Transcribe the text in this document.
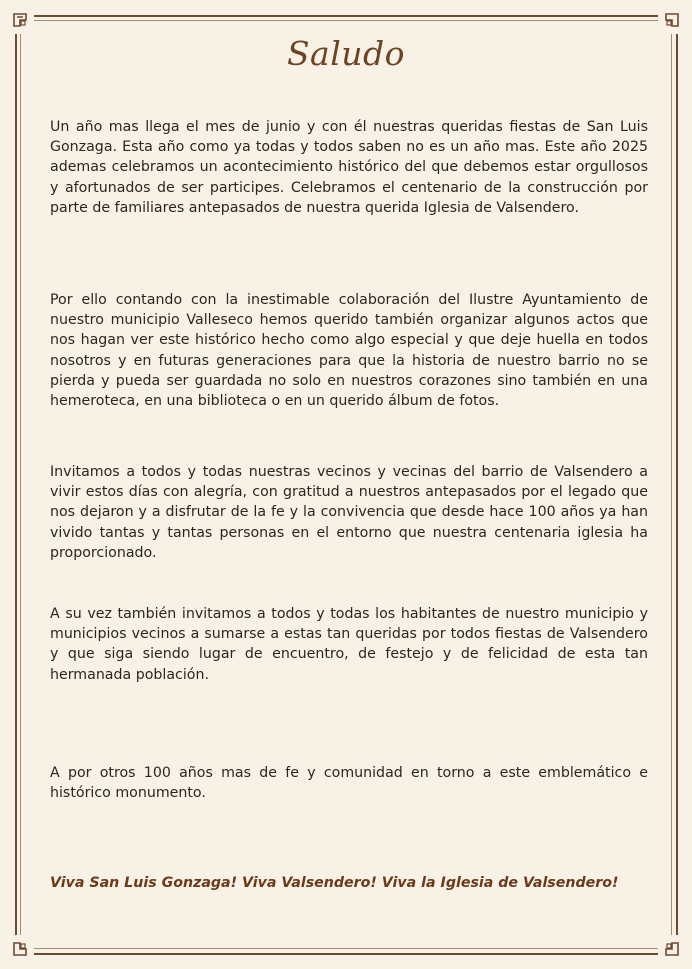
Saludo

Un año mas llega el mes de junio y con él nuestras queridas fiestas de San Luis Gonzaga. Esta año como ya todas y todos saben no es un año mas. Este año 2025 ademas celebramos un acontecimiento histórico del que debemos estar orgullosos y afortunados de ser participes. Celebramos el centenario de la construcción por parte de familiares antepasados de nuestra querida Iglesia de Valsendero.

Por ello contando con la inestimable colaboración del Ilustre Ayuntamiento de nuestro municipio Valleseco hemos querido también organizar algunos actos que nos hagan ver este histórico hecho como algo especial y que deje huella en todos nosotros y en futuras generaciones para que la historia de nuestro barrio no se pierda y pueda ser guardada no solo en nuestros corazones sino también en una hemeroteca, en una biblioteca o en un querido álbum de fotos.

Invitamos a todos y todas nuestras vecinos y vecinas del barrio de Valsendero a vivir estos días con alegría, con gratitud a nuestros antepasados por el legado que nos dejaron y a disfrutar de la fe y la convivencia que desde hace 100 años ya han vivido tantas y tantas personas en el entorno que nuestra centenaria iglesia ha proporcionado.

A su vez también invitamos a todos y todas los habitantes de nuestro municipio y municipios vecinos a sumarse a estas tan queridas por todos fiestas de Valsendero y que siga siendo lugar de encuentro, de festejo y de felicidad de esta tan hermanada población.

A por otros 100 años mas de fe y comunidad en torno a este emblemático e histórico monumento.

Viva San Luis Gonzaga! Viva Valsendero! Viva la Iglesia de Valsendero!
